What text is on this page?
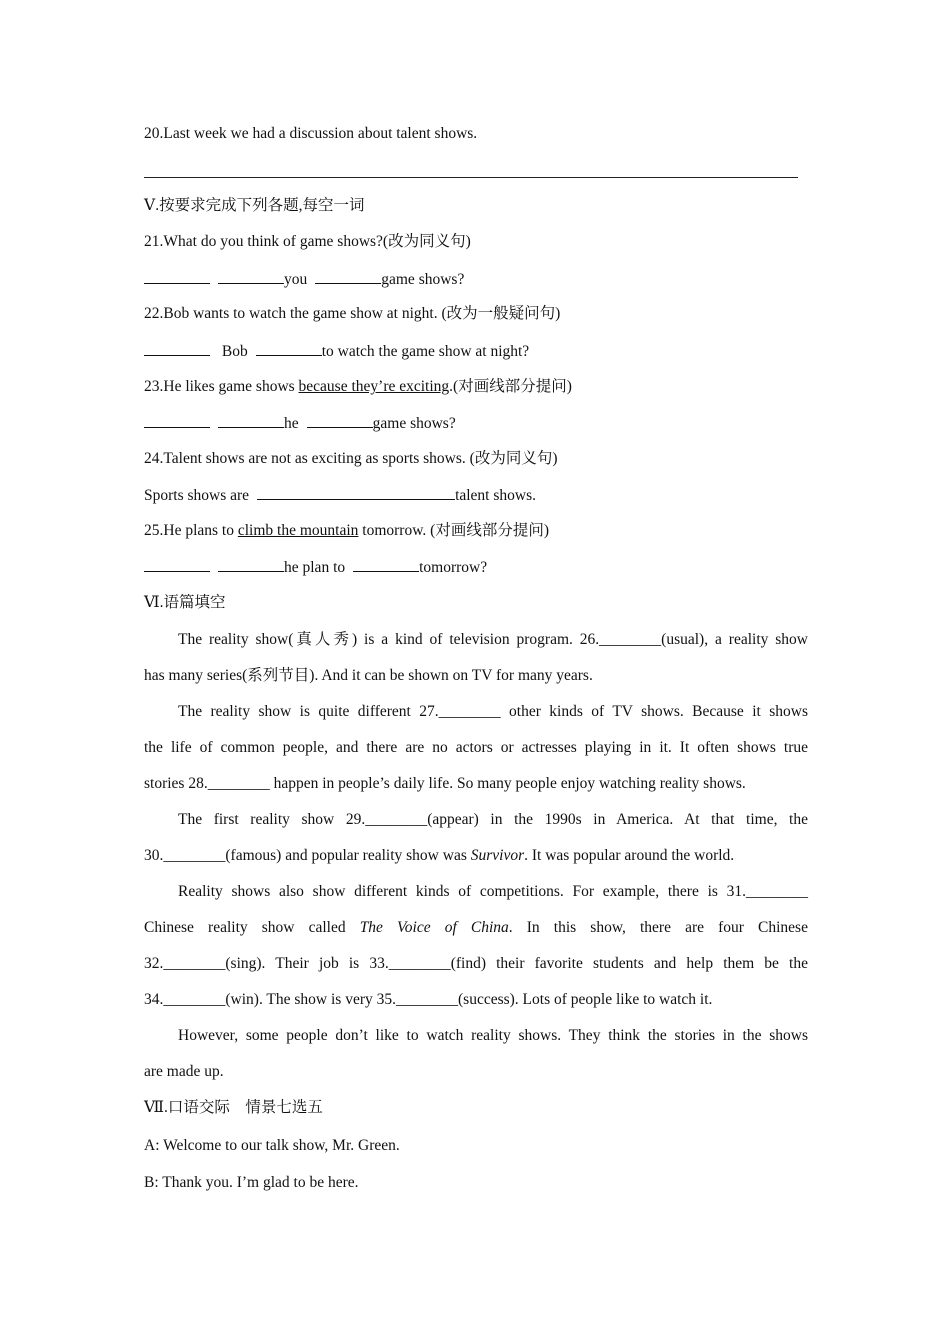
20.Last week we had a discussion about talent shows.
Ⅴ.按要求完成下列各题,每空一词
21.What do you think of game shows?(改为同义句)
you	game shows?
22.Bob wants to watch the game show at night. (改为一般疑问句)
Bob	to watch the game show at night?
23.He likes game shows because they’re exciting.(对画线部分提问)
he	game shows?
24.Talent shows are not as exciting as sports shows. (改为同义句)
Sports shows are	talent shows.
25.He plans to climb the mountain tomorrow. (对画线部分提问)
he plan to	tomorrow?
Ⅵ.语篇填空
The reality show(真人秀) is a kind of television program. 26.________(usual), a reality show
has many series(系列节目). And it can be shown on TV for many years.
The reality show is quite different 27.________ other kinds of TV shows. Because it shows
the life of common people, and there are no actors or actresses playing in it. It often shows true
stories 28.________ happen in people’s daily life. So many people enjoy watching reality shows.
The first reality show 29.________(appear) in the 1990s in America. At that time, the
30.________(famous) and popular reality show was Survivor. It was popular around the world.
Reality shows also show different kinds of competitions. For example, there is 31.________
Chinese reality show called The Voice of China. In this show, there are four Chinese
32.________(sing). Their job is 33.________(find) their favorite students and help them be the
34.________(win). The show is very 35.________(success). Lots of people like to watch it.
However, some people don’t like to watch reality shows. They think the stories in the shows
are made up.
Ⅶ.口语交际　情景七选五
A: Welcome to our talk show, Mr. Green.
B: Thank you. I’m glad to be here.
